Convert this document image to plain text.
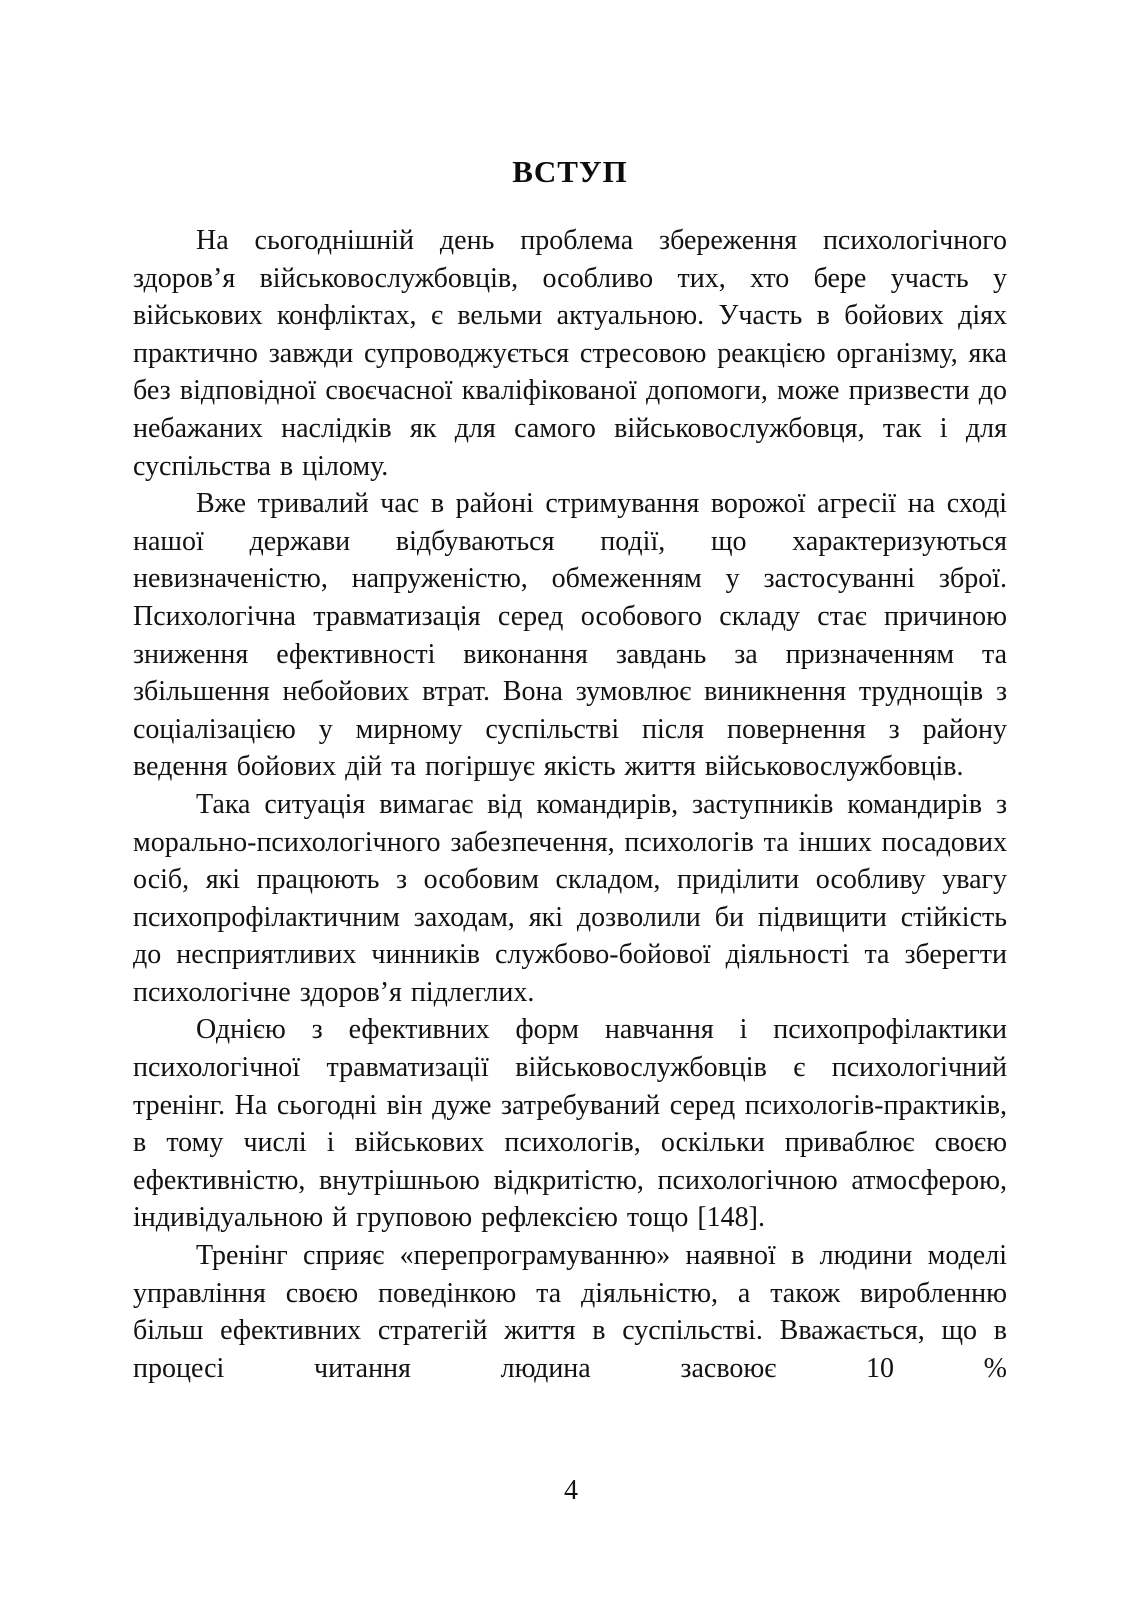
ВСТУП

На сьогоднішній день проблема збереження психологічного здоров’я військовослужбовців, особливо тих, хто бере участь у військових конфліктах, є вельми актуальною. Участь в бойових діях практично завжди супроводжується стресовою реакцією організму, яка без відповідної своєчасної кваліфікованої допомоги, може призвести до небажаних наслідків як для самого військовослужбовця, так і для суспільства в цілому.

Вже тривалий час в районі стримування ворожої агресії на сході нашої держави відбуваються події, що характеризуються невизначеністю, напруженістю, обмеженням у застосуванні зброї. Психологічна травматизація серед особового складу стає причиною зниження ефективності виконання завдань за призначенням та збільшення небойових втрат. Вона зумовлює виникнення труднощів з соціалізацією у мирному суспільстві після повернення з району ведення бойових дій та погіршує якість життя військовослужбовців.

Така ситуація вимагає від командирів, заступників командирів з морально-психологічного забезпечення, психологів та інших посадових осіб, які працюють з особовим складом, приділити особливу увагу психопрофілактичним заходам, які дозволили би підвищити стійкість до несприятливих чинників службово-бойової діяльності та зберегти психологічне здоров’я підлеглих.

Однією з ефективних форм навчання і психопрофілактики психологічної травматизації військовослужбовців є психологічний тренінг. На сьогодні він дуже затребуваний серед психологів-практиків, в тому числі і військових психологів, оскільки приваблює своєю ефективністю, внутрішньою відкритістю, психологічною атмосферою, індивідуальною й груповою рефлексією тощо [148].

Тренінг сприяє «перепрограмуванню» наявної в людини моделі управління своєю поведінкою та діяльністю, а також виробленню більш ефективних стратегій життя в суспільстві. Вважається, що в процесі читання людина засвоює 10 %

4
